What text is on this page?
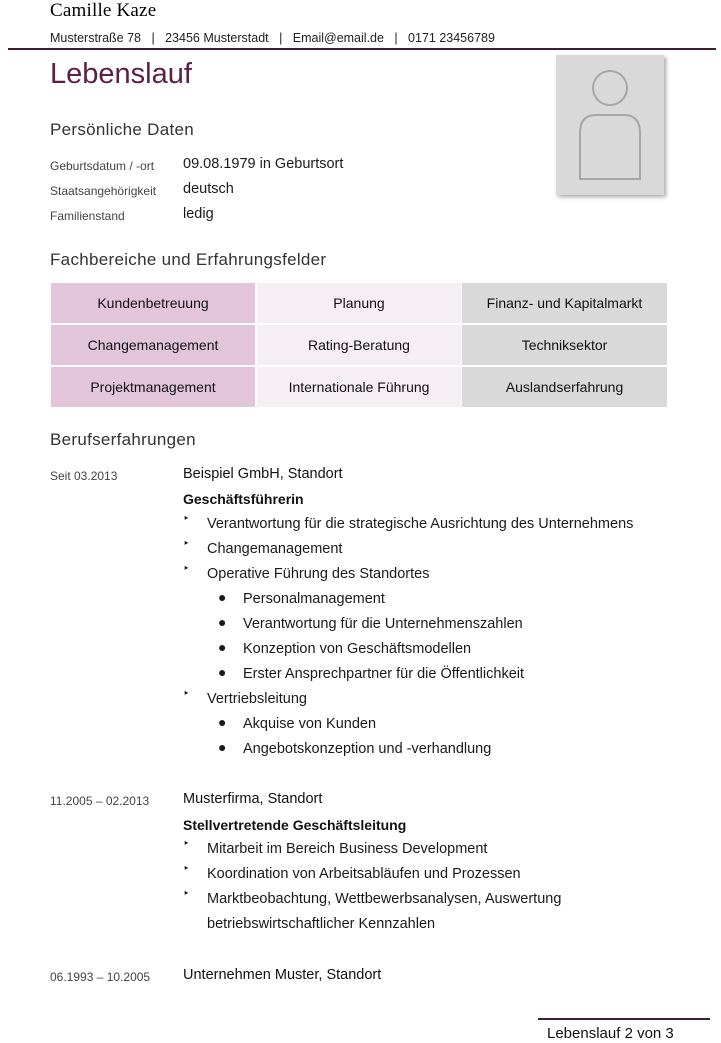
Camille Kaze
Musterstraße 78 | 23456 Musterstadt | Email@email.de | 0171 23456789
Lebenslauf
Persönliche Daten
Geburtsdatum / -ort 09.08.1979 in Geburtsort
Staatsangehörigkeit deutsch
Familienstand	ledig
Fachbereiche und Erfahrungsfelder
Kundenbetreuung	Planung	Finanz- und Kapitalmarkt
Changemanagement	Rating-Beratung	Techniksektor
Projektmanagement	Internationale Führung	Auslandserfahrung
Berufserfahrungen
Seit 03.2013	Beispiel GmbH, Standort
Geschäftsführerin
‣ Verantwortung für die strategische Ausrichtung des Unternehmens
‣ Changemanagement
‣ Operative Führung des Standortes
● Personalmanagement
● Verantwortung für die Unternehmenszahlen
● Konzeption von Geschäftsmodellen
● Erster Ansprechpartner für die Öffentlichkeit
‣ Vertriebsleitung
● Akquise von Kunden
● Angebotskonzeption und -verhandlung
11.2005 – 02.2013 Musterfirma, Standort
Stellvertretende Geschäftsleitung
‣ Mitarbeit im Bereich Business Development
‣ Koordination von Arbeitsabläufen und Prozessen
‣ Marktbeobachtung, Wettbewerbsanalysen, Auswertung
betriebswirtschaftlicher Kennzahlen
06.1993 – 10.2005 Unternehmen Muster, Standort
Lebenslauf 2 von 3
